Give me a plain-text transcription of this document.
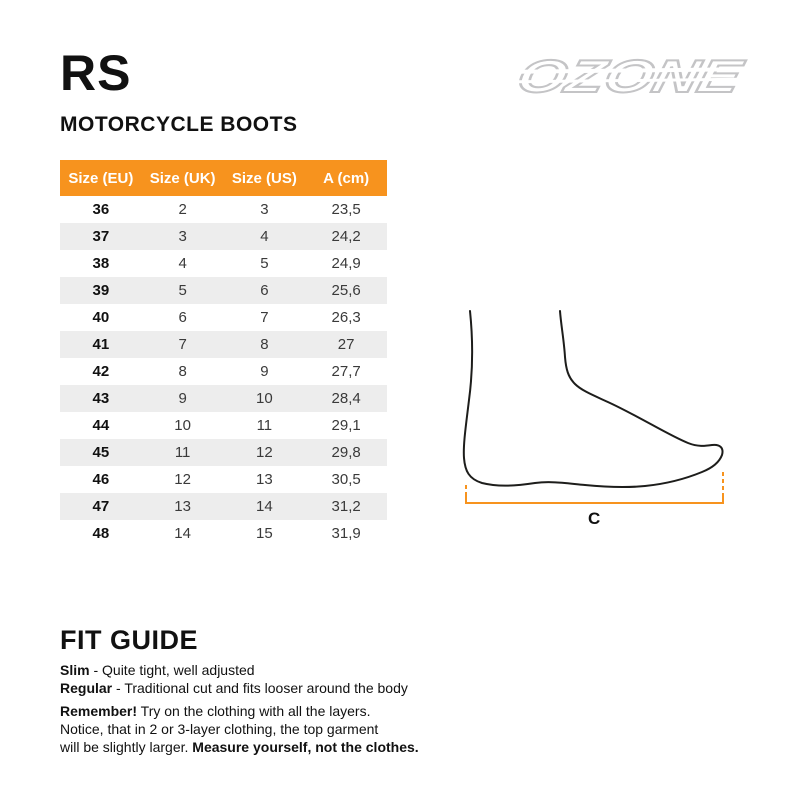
RS
MOTORCYCLE BOOTS
OZONE
Size (EU)	Size (UK)	Size (US)	A (cm)
36	2	3	23,5
37	3	4	24,2
38	4	5	24,9
39	5	6	25,6
40	6	7	26,3
41	7	8	27
42	8	9	27,7
43	9	10	28,4
44	10	11	29,1
45	11	12	29,8
46	12	13	30,5
47	13	14	31,2
48	14	15	31,9
C
FIT GUIDE

Slim - Quite tight, well adjusted

Regular - Traditional cut and fits looser around the body

Remember! Try on the clothing with all the layers.

Notice, that in 2 or 3-layer clothing, the top garment

will be slightly larger. Measure yourself, not the clothes.
